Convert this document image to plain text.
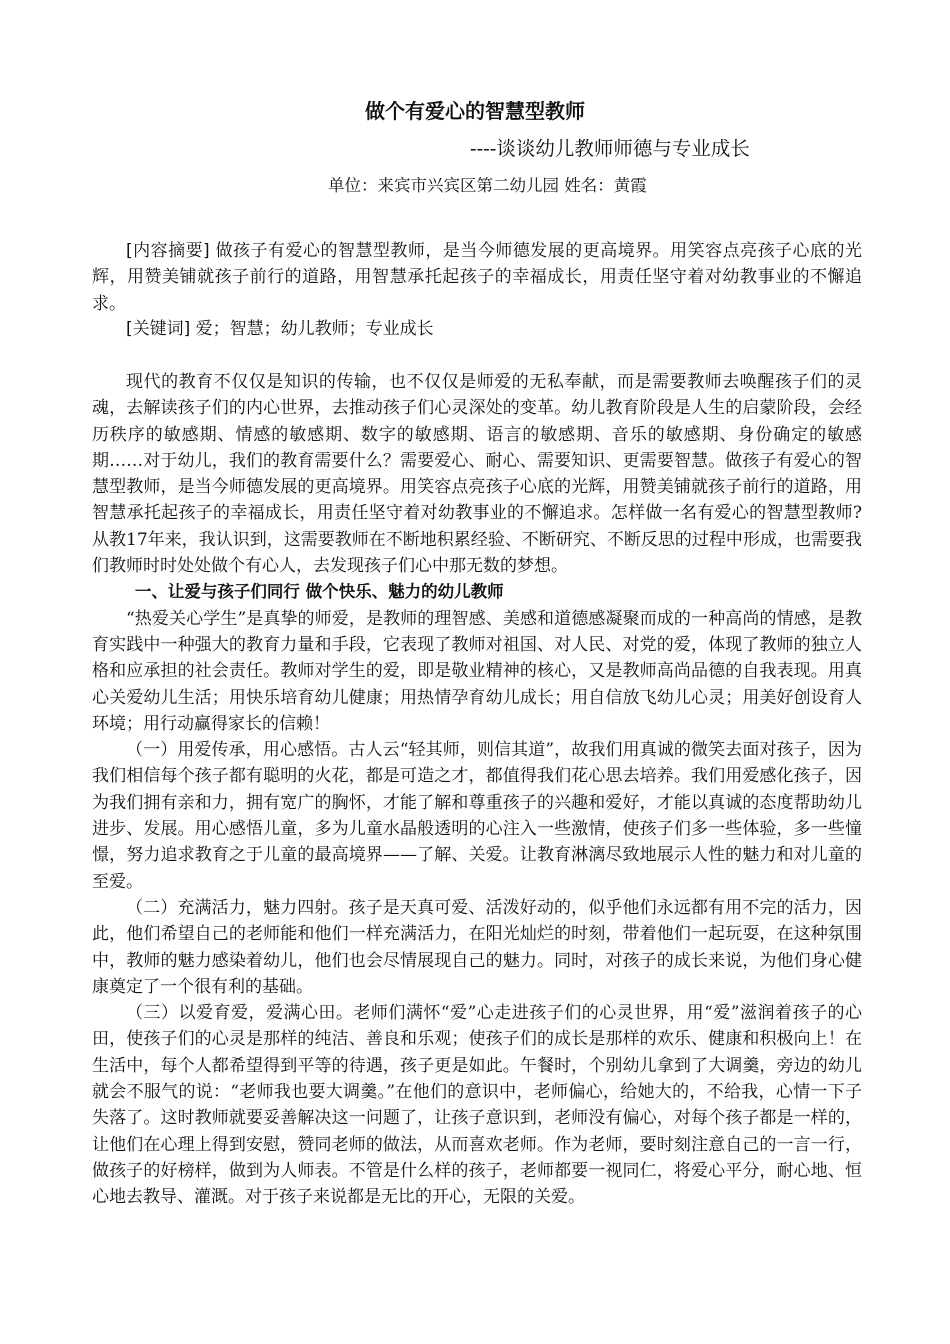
做个有爱心的智慧型教师
----谈谈幼儿教师师德与专业成长
单位：来宾市兴宾区第二幼儿园 姓名：黄霞

[内容摘要] 做孩子有爱心的智慧型教师，是当今师德发展的更高境界。用笑容点亮孩子心底的光辉，用赞美铺就孩子前行的道路，用智慧承托起孩子的幸福成长，用责任坚守着对幼教事业的不懈追求。

[关键词] 爱；智慧；幼儿教师；专业成长

现代的教育不仅仅是知识的传输，也不仅仅是师爱的无私奉献，而是需要教师去唤醒孩子们的灵魂，去解读孩子们的内心世界，去推动孩子们心灵深处的变革。幼儿教育阶段是人生的启蒙阶段，会经历秩序的敏感期、情感的敏感期、数字的敏感期、语言的敏感期、音乐的敏感期、身份确定的敏感期……对于幼儿，我们的教育需要什么？需要爱心、耐心、需要知识、更需要智慧。做孩子有爱心的智慧型教师，是当今师德发展的更高境界。用笑容点亮孩子心底的光辉，用赞美铺就孩子前行的道路，用智慧承托起孩子的幸福成长，用责任坚守着对幼教事业的不懈追求。怎样做一名有爱心的智慧型教师?从教17年来，我认识到，这需要教师在不断地积累经验、不断研究、不断反思的过程中形成，也需要我们教师时时处处做个有心人，去发现孩子们心中那无数的梦想。

一、让爱与孩子们同行 做个快乐、魅力的幼儿教师

“热爱关心学生”是真挚的师爱，是教师的理智感、美感和道德感凝聚而成的一种高尚的情感，是教育实践中一种强大的教育力量和手段，它表现了教师对祖国、对人民、对党的爱，体现了教师的独立人格和应承担的社会责任。教师对学生的爱，即是敬业精神的核心，又是教师高尚品德的自我表现。用真心关爱幼儿生活；用快乐培育幼儿健康；用热情孕育幼儿成长；用自信放飞幼儿心灵；用美好创设育人环境；用行动赢得家长的信赖！

（一）用爱传承，用心感悟。古人云“轻其师，则信其道”，故我们用真诚的微笑去面对孩子，因为我们相信每个孩子都有聪明的火花，都是可造之才，都值得我们花心思去培养。我们用爱感化孩子，因为我们拥有亲和力，拥有宽广的胸怀，才能了解和尊重孩子的兴趣和爱好，才能以真诚的态度帮助幼儿进步、发展。用心感悟儿童，多为儿童水晶般透明的心注入一些激情，使孩子们多一些体验，多一些憧憬，努力追求教育之于儿童的最高境界——了解、关爱。让教育淋漓尽致地展示人性的魅力和对儿童的至爱。

（二）充满活力，魅力四射。孩子是天真可爱、活泼好动的，似乎他们永远都有用不完的活力，因此，他们希望自己的老师能和他们一样充满活力，在阳光灿烂的时刻，带着他们一起玩耍，在这种氛围中，教师的魅力感染着幼儿，他们也会尽情展现自己的魅力。同时，对孩子的成长来说，为他们身心健康奠定了一个很有利的基础。

（三）以爱育爱，爱满心田。老师们满怀“爱”心走进孩子们的心灵世界，用“爱”滋润着孩子的心田，使孩子们的心灵是那样的纯洁、善良和乐观；使孩子们的成长是那样的欢乐、健康和积极向上！在生活中，每个人都希望得到平等的待遇，孩子更是如此。午餐时，个别幼儿拿到了大调羹，旁边的幼儿就会不服气的说：“老师我也要大调羹。”在他们的意识中，老师偏心，给她大的，不给我，心情一下子失落了。这时教师就要妥善解决这一问题了，让孩子意识到，老师没有偏心，对每个孩子都是一样的，让他们在心理上得到安慰，赞同老师的做法，从而喜欢老师。作为老师，要时刻注意自己的一言一行，做孩子的好榜样，做到为人师表。不管是什么样的孩子，老师都要一视同仁，将爱心平分，耐心地、恒心地去教导、灌溉。对于孩子来说都是无比的开心，无限的关爱。
